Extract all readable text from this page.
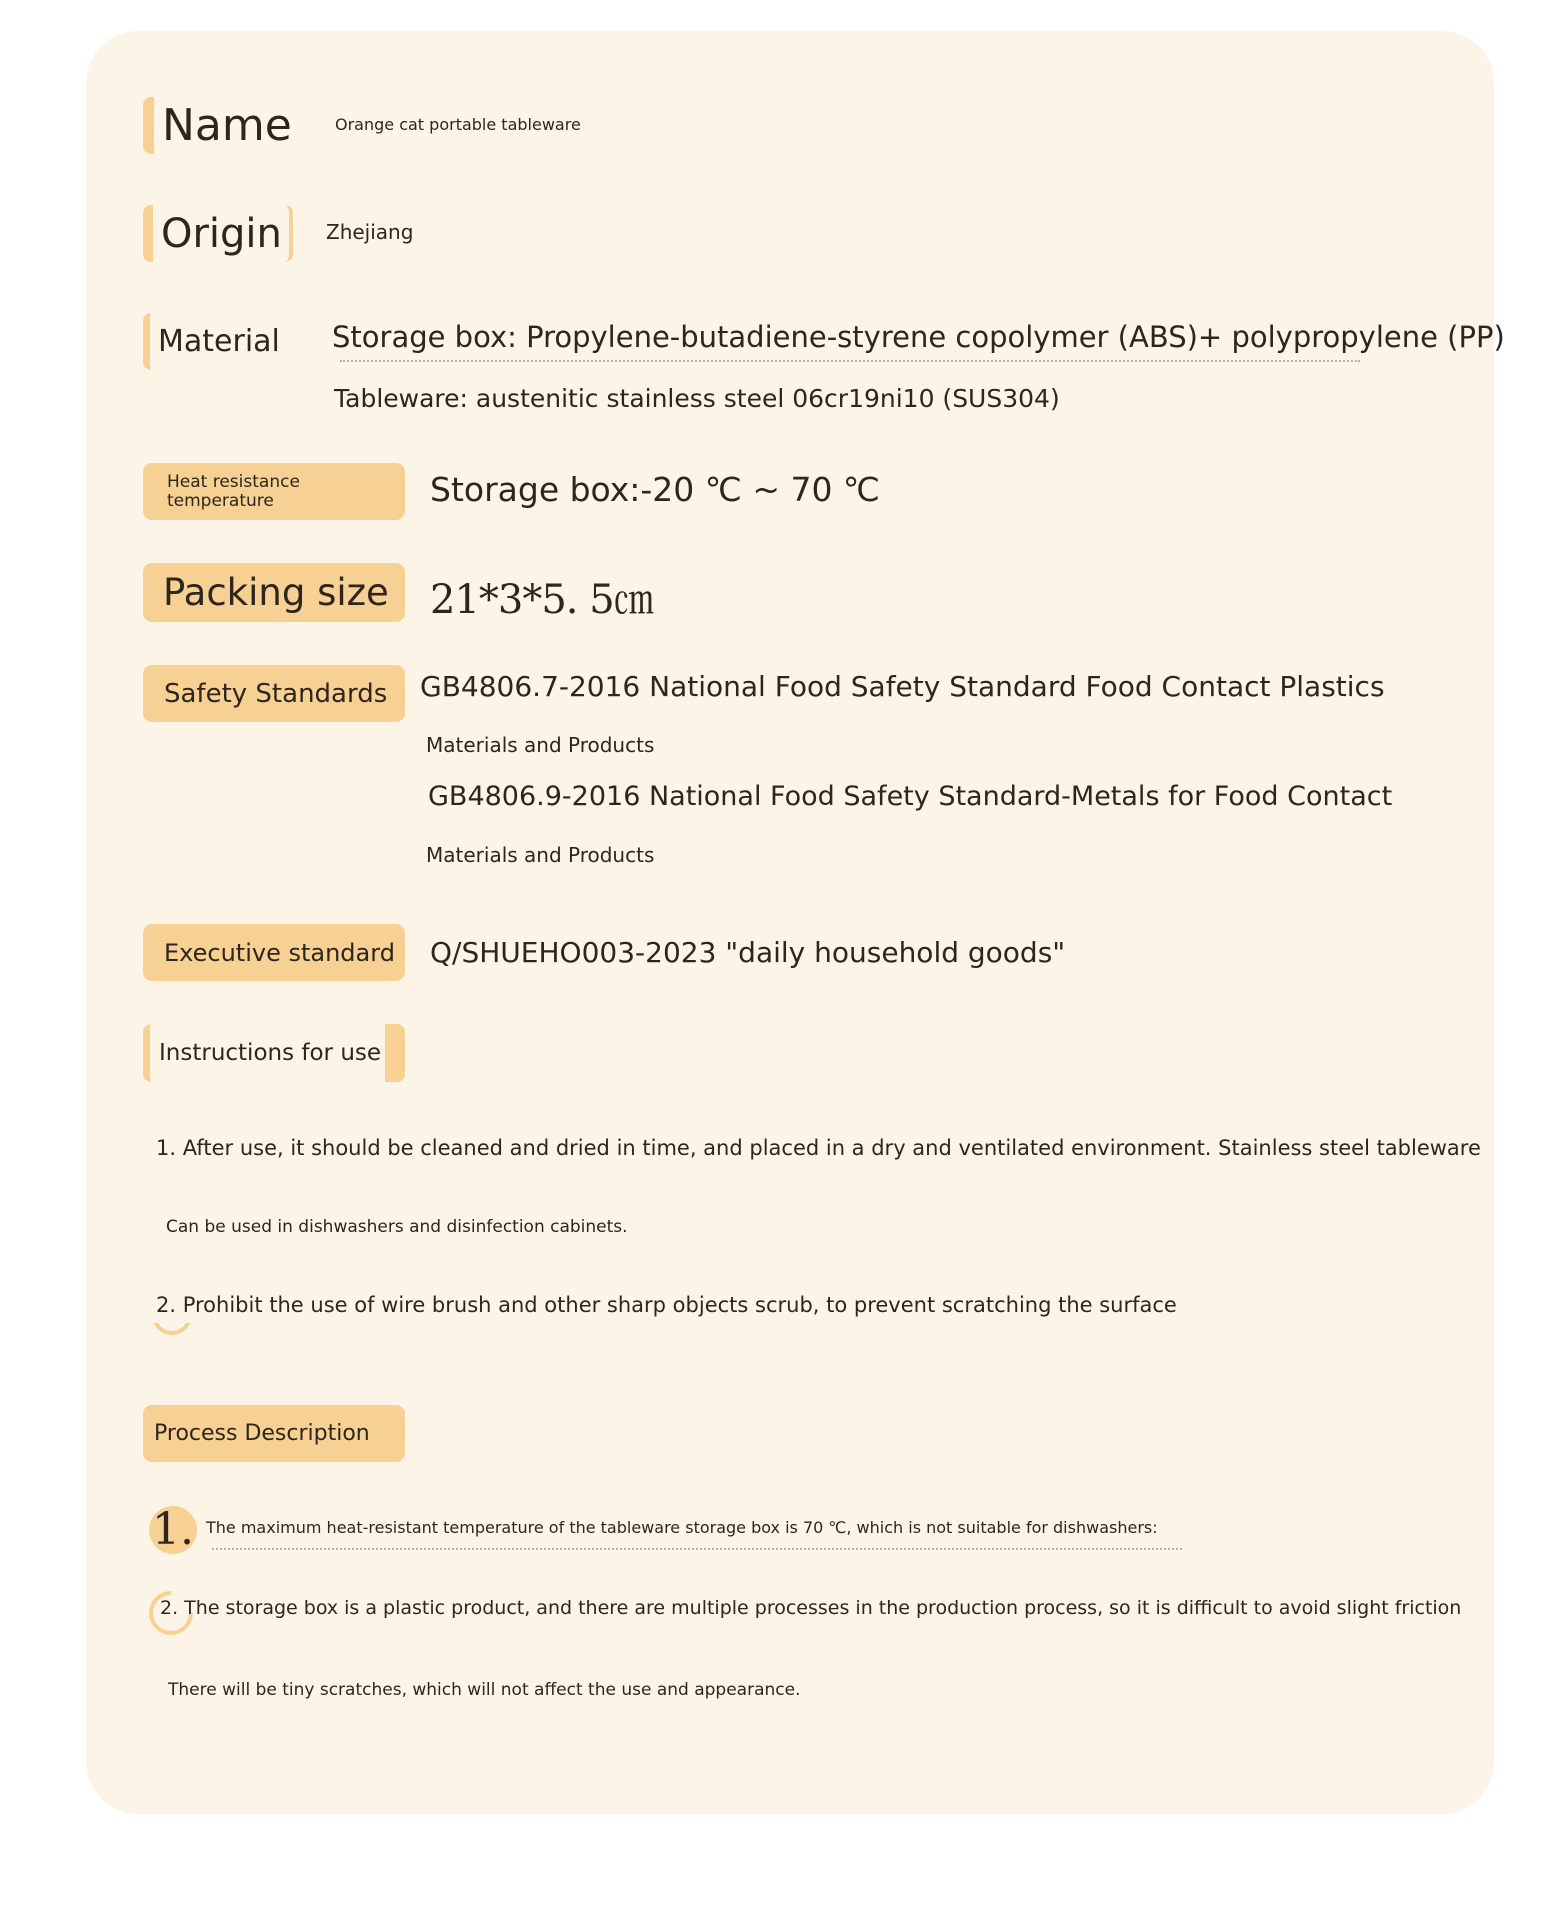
Name	Orange cat portable tableware
Origin Zhejiang
Material Storage box: Propylene-butadiene-styrene copolymer (ABS)+ polypropylene (PP)
Tableware: austenitic stainless steel 06cr19ni10 (SUS304)
Heat resistance
temperature	Storage box:-20 ℃ ~ 70 ℃
Packing size 21*3*5. 5㎝
Safety Standards GB4806.7-2016 National Food Safety Standard Food Contact Plastics
Materials and Products
GB4806.9-2016 National Food Safety Standard-Metals for Food Contact
Materials and Products
Executive standard Q/SHUEHO003-2023 "daily household goods"
Instructions for use
1. After use, it should be cleaned and dried in time, and placed in a dry and ventilated environment. Stainless steel tableware
Can be used in dishwashers and disinfection cabinets.
2. Prohibit the use of wire brush and other sharp objects scrub, to prevent scratching the surface
Process Description
1. The maximum heat-resistant temperature of the tableware storage box is 70 ℃, which is not suitable for dishwashers:
2. The storage box is a plastic product, and there are multiple processes in the production process, so it is difficult to avoid slight friction
There will be tiny scratches, which will not affect the use and appearance.
